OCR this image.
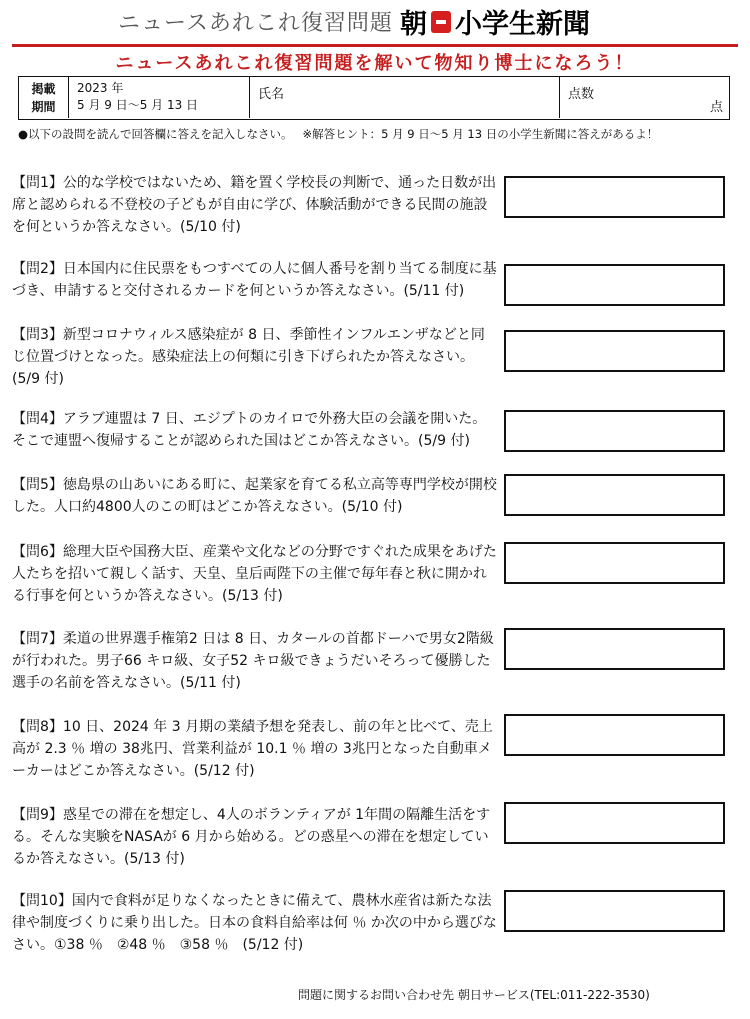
ニュースあれこれ復習問題 朝 小学生新聞
ニュースあれこれ復習問題を解いて物知り博士になろう！
掲載
期間
2023 年
5 月 9 日～5 月 13 日
氏名	点数
点
●以下の設問を読んで回答欄に答えを記入しなさい。 ※解答ヒント：5 月 9 日～5 月 13 日の小学生新聞に答えがあるよ！
【問1】公的な学校ではないため、籍を置く学校長の判断で、通った日数が出席と認められる不登校の子どもが自由に学び、体験活動ができる民間の施設を何というか答えなさい。(5/10 付)
【問2】日本国内に住民票をもつすべての人に個人番号を割り当てる制度に基づき、申請すると交付されるカードを何というか答えなさい。(5/11 付)
【問3】新型コロナウィルス感染症が 8 日、季節性インフルエンザなどと同じ位置づけとなった。感染症法上の何類に引き下げられたか答えなさい。(5/9 付)
【問4】アラブ連盟は 7 日、エジプトのカイロで外務大臣の会議を開いた。そこで連盟へ復帰することが認められた国はどこか答えなさい。(5/9 付)
【問5】徳島県の山あいにある町に、起業家を育てる私立高等専門学校が開校した。人口約4800人のこの町はどこか答えなさい。(5/10 付)
【問6】総理大臣や国務大臣、産業や文化などの分野ですぐれた成果をあげた人たちを招いて親しく話す、天皇、皇后両陛下の主催で毎年春と秋に開かれる行事を何というか答えなさい。(5/13 付)
【問7】柔道の世界選手権第2 日は 8 日、カタールの首都ドーハで男女2階級が行われた。男子66 キロ級、女子52 キロ級できょうだいそろって優勝した選手の名前を答えなさい。(5/11 付)
【問8】10 日、2024 年 3 月期の業績予想を発表し、前の年と比べて、売上高が 2.3 ％ 増の 38兆円、営業利益が 10.1 ％ 増の 3兆円となった自動車メーカーはどこか答えなさい。(5/12 付)
【問9】惑星での滞在を想定し、4人のボランティアが 1年間の隔離生活をする。そんな実験をNASAが 6 月から始める。どの惑星への滞在を想定しているか答えなさい。(5/13 付)
【問10】国内で食料が足りなくなったときに備えて、農林水産省は新たな法律や制度づくりに乗り出した。日本の食料自給率は何 ％ か次の中から選びなさい。①38 ％　②48 ％　③58 ％　(5/12 付)
問題に関するお問い合わせ先 朝日サービス(TEL:011-222-3530)
